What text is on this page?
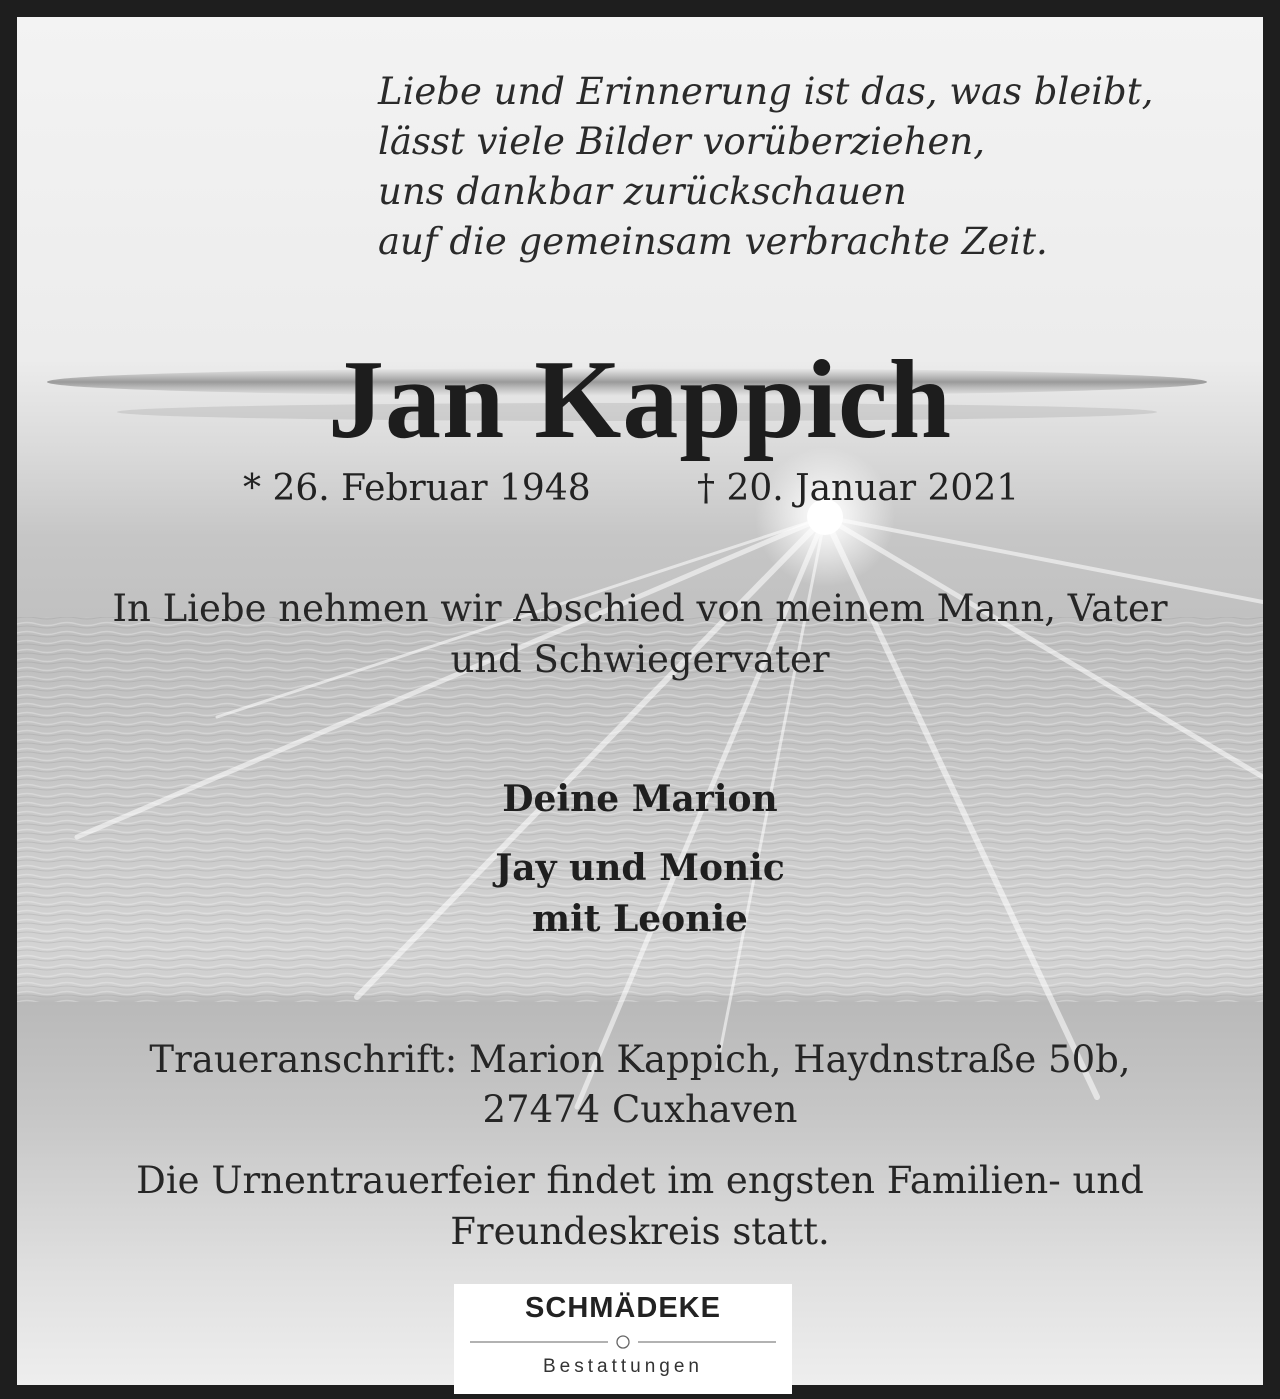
Liebe und Erinnerung ist das, was bleibt,
lässt viele Bilder vorüberziehen,
uns dankbar zurückschauen
auf die gemeinsam verbrachte Zeit.
Jan Kappich
* 26. Februar 1948	† 20. Januar 2021
In Liebe nehmen wir Abschied von meinem Mann, Vater
und Schwiegervater
Deine Marion
Jay und Monic
mit Leonie
Traueranschrift: Marion Kappich, Haydnstraße 50b,
27474 Cuxhaven
Die Urnentrauerfeier findet im engsten Familien- und
Freundeskreis statt.
SCHMÄDEKE
Bestattungen
